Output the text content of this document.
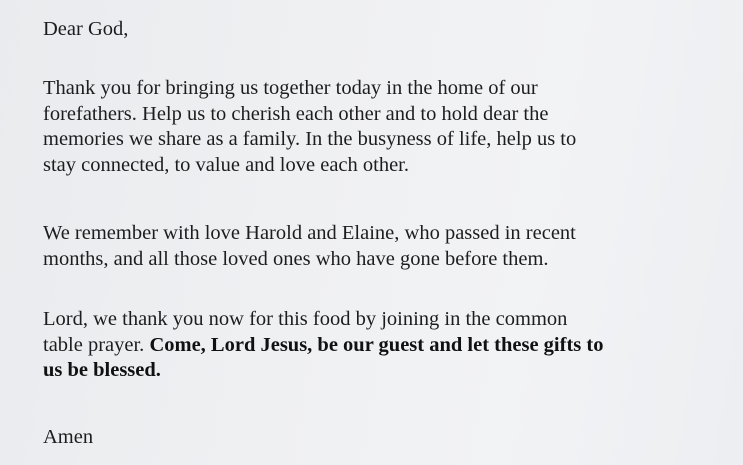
Dear God,

Thank you for bringing us together today in the home of our
forefathers. Help us to cherish each other and to hold dear the
memories we share as a family. In the busyness of life, help us to
stay connected, to value and love each other.

We remember with love Harold and Elaine, who passed in recent
months, and all those loved ones who have gone before them.

Lord, we thank you now for this food by joining in the common
table prayer. Come, Lord Jesus, be our guest and let these gifts to
us be blessed.

Amen
